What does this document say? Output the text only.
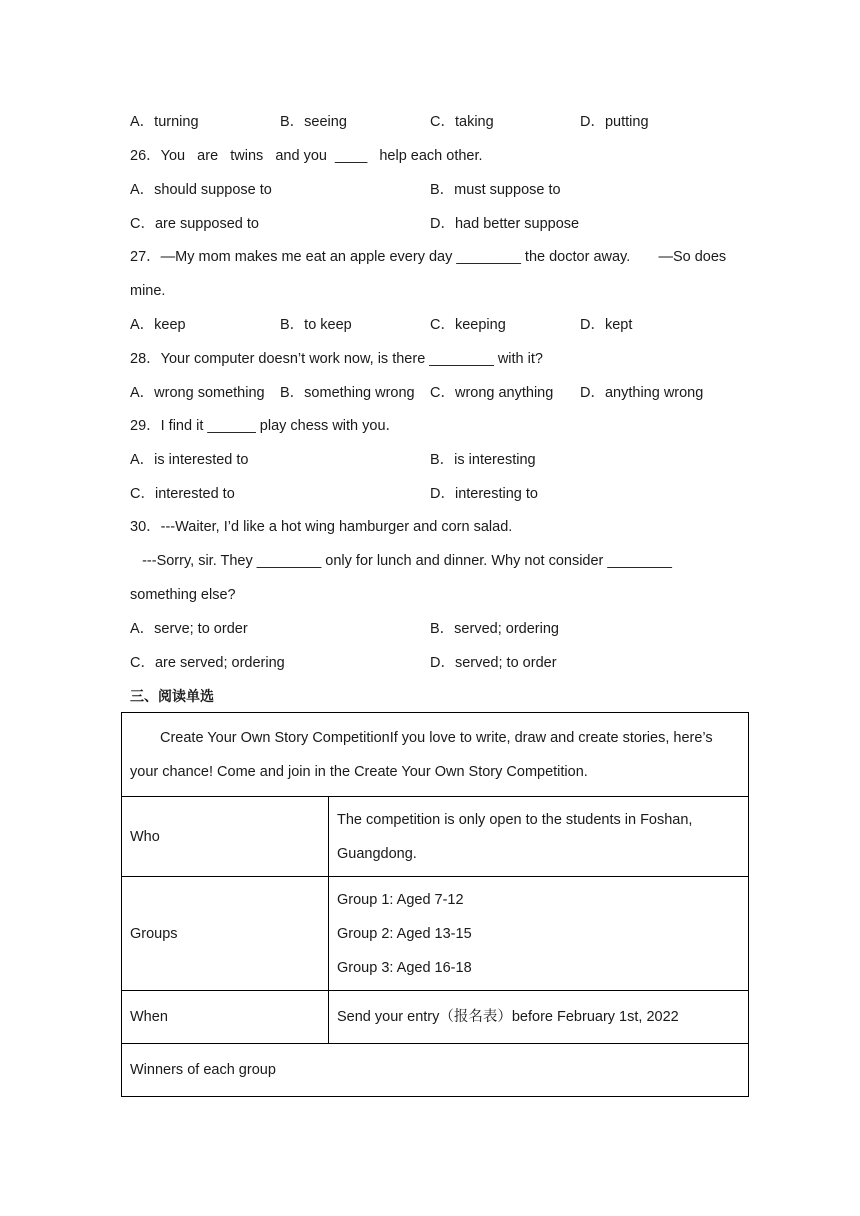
A．turning	B．seeing	C．taking	D．putting
26．You   are   twins   and you  ____   help each other.
A．should suppose to	B．must suppose to
C．are supposed to	D．had better suppose
27．—My mom makes me eat an apple every day ________ the doctor away.       —So does
mine.
A．keep	B．to keep	C．keeping	D．kept
28．Your computer doesn’t work now, is there ________ with it?
A．wrong something B．something wrong C．wrong anything D．anything wrong
29．I find it ______ play chess with you．
A．is interested to	B．is interesting
C．interested to	D．interesting to
30．---Waiter, I’d like a hot wing hamburger and corn salad.
---Sorry, sir. They ________ only for lunch and dinner. Why not consider ________
something else?
A．serve; to order	B．served; ordering
C．are served; ordering	D．served; to order
三、阅读单选
Create Your Own Story CompetitionIf you love to write, draw and create stories, here’s your chance! Come and join in the Create Your Own Story Competition.	
Who	The competition is only open to the students in Foshan,
Guangdong.

Groups	Group 1: Aged 7-12
Group 2: Aged 13-15
Group 3: Aged 16-18

When	Send your entry（报名表）before February 1st, 2022
Winners of each group	
